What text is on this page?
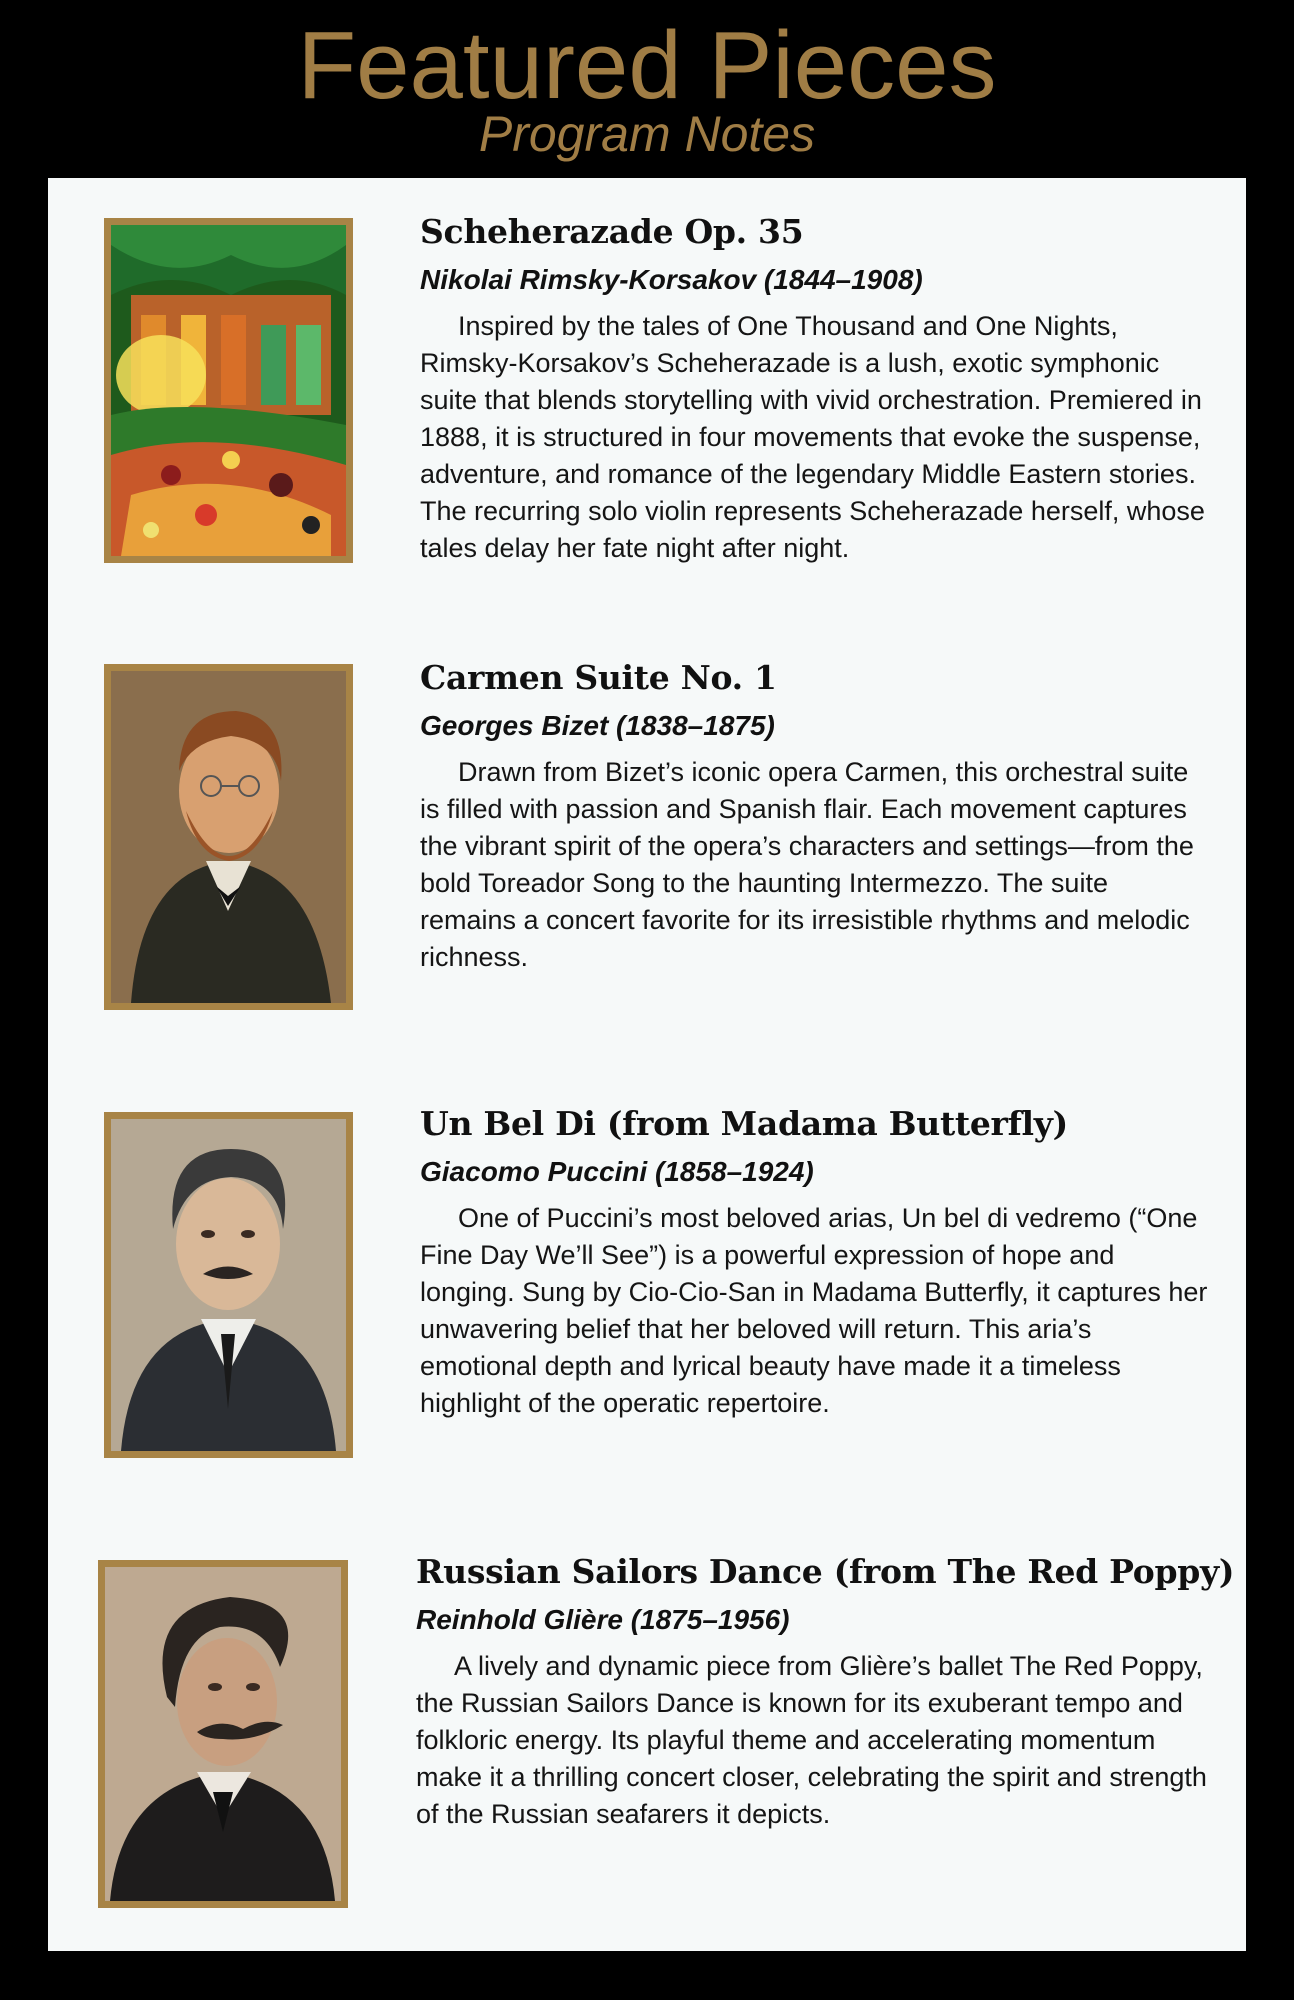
Featured Pieces
Program Notes
Scheherazade Op. 35
Nikolai Rimsky-Korsakov (1844–1908)
Inspired by the tales of One Thousand and One Nights, Rimsky-Korsakov’s Scheherazade is a lush, exotic symphonic suite that blends storytelling with vivid orchestration. Premiered in 1888, it is structured in four movements that evoke the suspense, adventure, and romance of the legendary Middle Eastern stories. The recurring solo violin represents Scheherazade herself, whose tales delay her fate night after night.
Carmen Suite No. 1
Georges Bizet (1838–1875)
Drawn from Bizet’s iconic opera Carmen, this orchestral suite is filled with passion and Spanish flair. Each movement captures the vibrant spirit of the opera’s characters and settings—from the bold Toreador Song to the haunting Intermezzo. The suite remains a concert favorite for its irresistible rhythms and melodic richness.
Un Bel Di (from Madama Butterfly)
Giacomo Puccini (1858–1924)
One of Puccini’s most beloved arias, Un bel di vedremo (“One Fine Day We’ll See”) is a powerful expression of hope and longing. Sung by Cio-Cio-San in Madama Butterfly, it captures her unwavering belief that her beloved will return. This aria’s emotional depth and lyrical beauty have made it a timeless highlight of the operatic repertoire.
Russian Sailors Dance (from The Red Poppy)
Reinhold Glière (1875–1956)
A lively and dynamic piece from Glière’s ballet The Red Poppy, the Russian Sailors Dance is known for its exuberant tempo and folkloric energy. Its playful theme and accelerating momentum make it a thrilling concert closer, celebrating the spirit and strength of the Russian seafarers it depicts.
